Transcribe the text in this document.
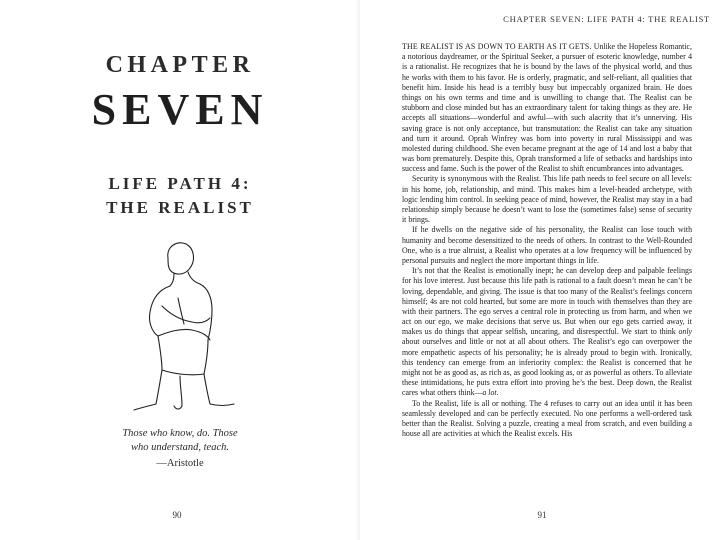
CHAPTER
SEVEN
LIFE PATH 4:
THE REALIST
Those who know, do. Those
who understand, teach.
—Aristotle
90
CHAPTER SEVEN: LIFE PATH 4: THE REALIST

THE REALIST IS AS DOWN TO EARTH AS IT GETS. Unlike the Hopeless Romantic, a notorious daydreamer, or the Spiritual Seeker, a pursuer of esoteric knowledge, number 4 is a rationalist. He recognizes that he is bound by the laws of the physical world, and thus he works with them to his favor. He is orderly, pragmatic, and self-reliant, all qualities that benefit him. Inside his head is a terribly busy but impeccably organized brain. He does things on his own terms and time and is unwilling to change that. The Realist can be stubborn and close minded but has an extraordinary talent for taking things as they are. He accepts all situations—wonderful and awful—with such alacrity that it’s unnerving. His saving grace is not only acceptance, but transmutation: the Realist can take any situation and turn it around. Oprah Winfrey was born into poverty in rural Mississippi and was molested during childhood. She even became pregnant at the age of 14 and lost a baby that was born prematurely. Despite this, Oprah transformed a life of setbacks and hardships into success and fame. Such is the power of the Realist to shift encumbrances into advantages.

Security is synonymous with the Realist. This life path needs to feel secure on all levels: in his home, job, relationship, and mind. This makes him a level-headed archetype, with logic lending him control. In seeking peace of mind, however, the Realist may stay in a bad relationship simply because he doesn’t want to lose the (sometimes false) sense of security it brings.

If he dwells on the negative side of his personality, the Realist can lose touch with humanity and become desensitized to the needs of others. In contrast to the Well-Rounded One, who is a true altruist, a Realist who operates at a low frequency will be influenced by personal pursuits and neglect the more important things in life.

It’s not that the Realist is emotionally inept; he can develop deep and palpable feelings for his love interest. Just because this life path is rational to a fault doesn’t mean he can’t be loving, dependable, and giving. The issue is that too many of the Realist’s feelings concern himself; 4s are not cold hearted, but some are more in touch with themselves than they are with their partners. The ego serves a central role in protecting us from harm, and when we act on our ego, we make decisions that serve us. But when our ego gets carried away, it makes us do things that appear selfish, uncaring, and disrespectful. We start to think only about ourselves and little or not at all about others. The Realist’s ego can overpower the more empathetic aspects of his personality; he is already proud to begin with. Ironically, this tendency can emerge from an inferiority complex: the Realist is concerned that he might not be as good as, as rich as, as good looking as, or as powerful as others. To alleviate these intimidations, he puts extra effort into proving he’s the best. Deep down, the Realist cares what others think—a lot.

To the Realist, life is all or nothing. The 4 refuses to carry out an idea until it has been seamlessly developed and can be perfectly executed. No one performs a well-ordered task better than the Realist. Solving a puzzle, creating a meal from scratch, and even building a house all are activities at which the Realist excels. His

91
